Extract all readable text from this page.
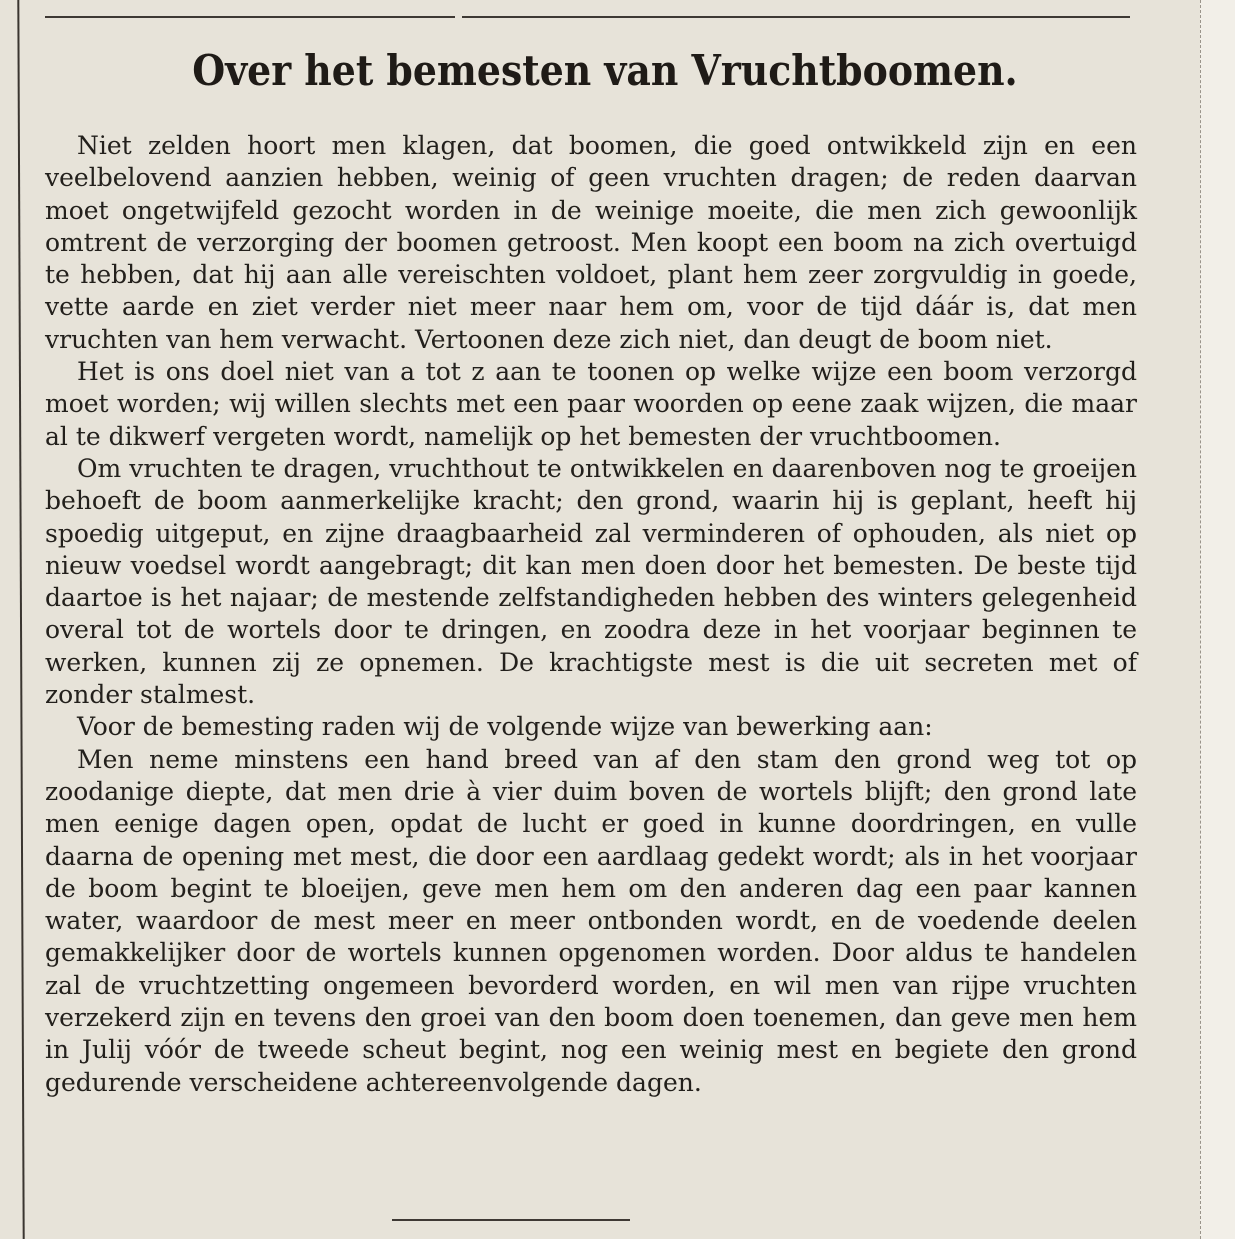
Over het bemesten van Vruchtboomen.

Niet zelden hoort men klagen, dat boomen, die goed ontwikkeld zijn en een veelbelovend aanzien hebben, weinig of geen vruchten dragen; de reden daarvan moet ongetwijfeld gezocht worden in de weinige moeite, die men zich gewoonlijk omtrent de verzorging der boomen getroost. Men koopt een boom na zich overtuigd te hebben, dat hij aan alle vereischten voldoet, plant hem zeer zorgvuldig in goede, vette aarde en ziet verder niet meer naar hem om, voor de tijd dáár is, dat men vruchten van hem verwacht. Vertoonen deze zich niet, dan deugt de boom niet.

Het is ons doel niet van a tot z aan te toonen op welke wijze een boom verzorgd moet worden; wij willen slechts met een paar woorden op eene zaak wijzen, die maar al te dikwerf vergeten wordt, namelijk op het bemesten der vruchtboomen.

Om vruchten te dragen, vruchthout te ontwikkelen en daarenboven nog te groeijen behoeft de boom aanmerkelijke kracht; den grond, waarin hij is geplant, heeft hij spoedig uitgeput, en zijne draagbaarheid zal verminderen of ophouden, als niet op nieuw voedsel wordt aangebragt; dit kan men doen door het bemesten. De beste tijd daartoe is het najaar; de mestende zelfstandigheden hebben des winters gelegenheid overal tot de wortels door te dringen, en zoodra deze in het voorjaar beginnen te werken, kunnen zij ze opnemen. De krachtigste mest is die uit secreten met of zonder stalmest.

Voor de bemesting raden wij de volgende wijze van bewerking aan:

Men neme minstens een hand breed van af den stam den grond weg tot op zoodanige diepte, dat men drie à vier duim boven de wortels blijft; den grond late men eenige dagen open, opdat de lucht er goed in kunne doordringen, en vulle daarna de opening met mest, die door een aardlaag gedekt wordt; als in het voorjaar de boom begint te bloeijen, geve men hem om den anderen dag een paar kannen water, waardoor de mest meer en meer ontbonden wordt, en de voedende deelen gemakkelijker door de wortels kunnen opgenomen worden. Door aldus te handelen zal de vruchtzetting ongemeen bevorderd worden, en wil men van rijpe vruchten verzekerd zijn en tevens den groei van den boom doen toenemen, dan geve men hem in Julij vóór de tweede scheut begint, nog een weinig mest en begiete den grond gedurende verscheidene achtereenvolgende dagen.
